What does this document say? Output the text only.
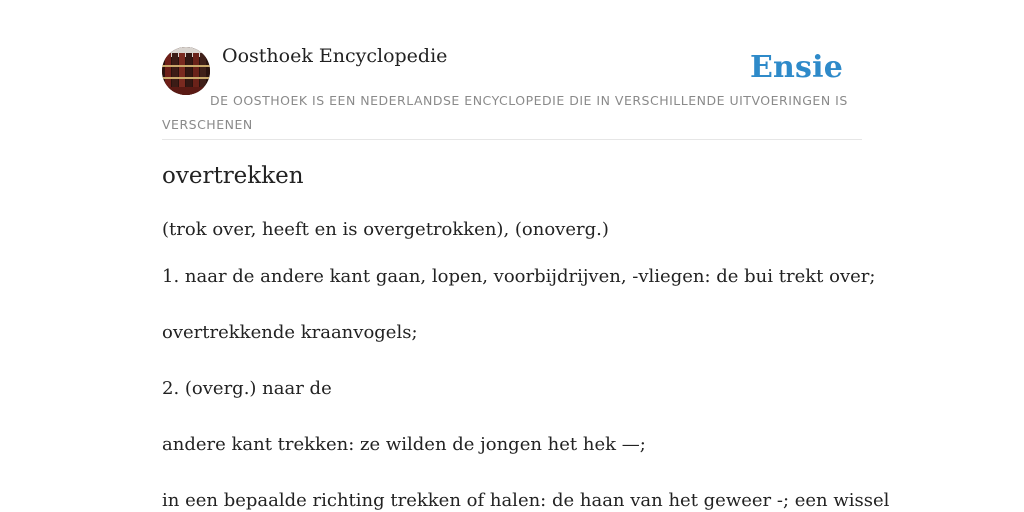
Oosthoek Encyclopedie	Ensie
DE OOSTHOEK IS EEN NEDERLANDSE ENCYCLOPEDIE DIE IN VERSCHILLENDE UITVOERINGEN IS VERSCHENEN
overtrekken

(trok over, heeft en is overgetrokken), (onoverg.)

1. naar de andere kant gaan, lopen, voorbijdrijven, -vliegen: de bui trekt over;

overtrekkende kraanvogels;

2. (overg.) naar de

andere kant trekken: ze wilden de jongen het hek —;

in een bepaalde richting trekken of halen: de haan van het geweer -; een wissel
